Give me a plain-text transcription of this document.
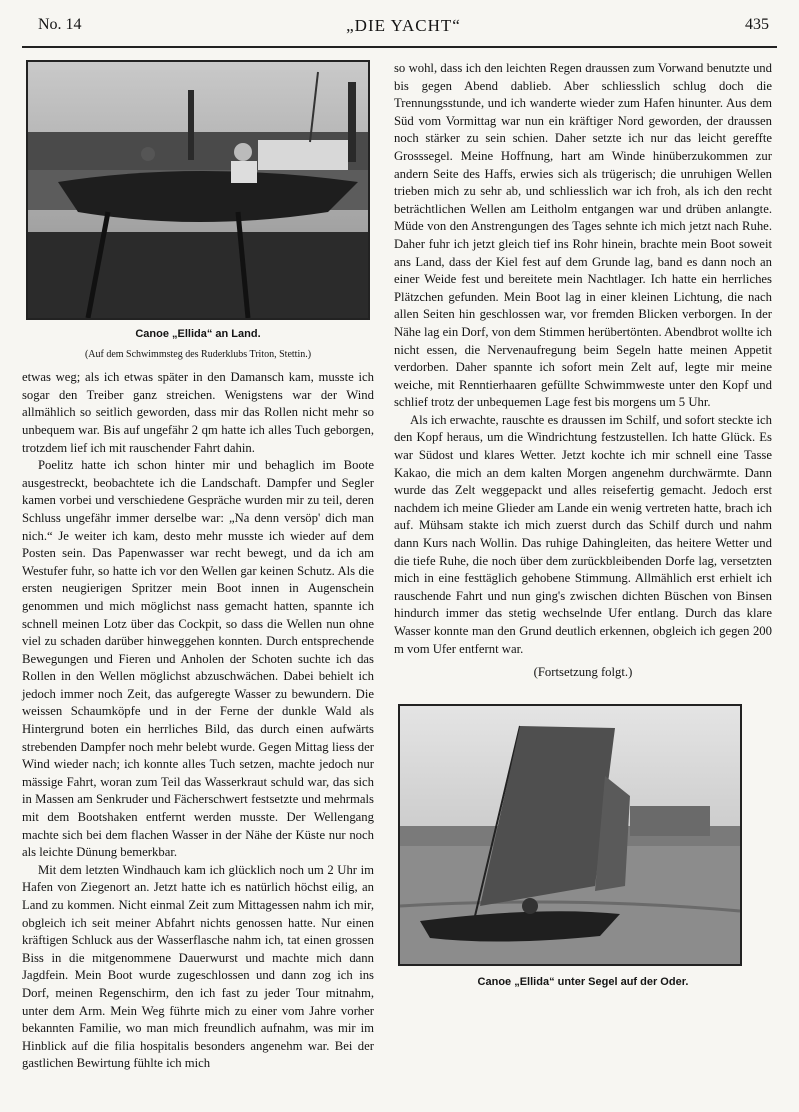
No. 14	„DIE YACHT“	435
Canoe „Ellida“ an Land.
(Auf dem Schwimmsteg des Ruderklubs Triton, Stettin.)

etwas weg; als ich etwas später in den Damansch kam, musste ich sogar den Treiber ganz streichen. Wenigstens war der Wind allmählich so seitlich geworden, dass mir das Rollen nicht mehr so unbequem war. Bis auf ungefähr 2 qm hatte ich alles Tuch geborgen, trotzdem lief ich mit rauschender Fahrt dahin.

Poelitz hatte ich schon hinter mir und behaglich im Boote ausgestreckt, beobachtete ich die Landschaft. Dampfer und Segler kamen vorbei und verschiedene Gespräche wurden mir zu teil, deren Schluss ungefähr immer derselbe war: „Na denn versöp' dich man nich.“ Je weiter ich kam, desto mehr musste ich wieder auf dem Posten sein. Das Papenwasser war recht bewegt, und da ich am Westufer fuhr, so hatte ich vor den Wellen gar keinen Schutz. Als die ersten neugierigen Spritzer mein Boot innen in Augenschein genommen und mich möglichst nass gemacht hatten, spannte ich schnell meinen Lotz über das Cockpit, so dass die Wellen nun ohne viel zu schaden darüber hinweggehen konnten. Durch entsprechende Bewegungen und Fieren und Anholen der Schoten suchte ich das Rollen in den Wellen möglichst abzuschwächen. Dabei behielt ich jedoch immer noch Zeit, das aufgeregte Wasser zu bewundern. Die weissen Schaumköpfe und in der Ferne der dunkle Wald als Hintergrund boten ein herrliches Bild, das durch einen aufwärts strebenden Dampfer noch mehr belebt wurde. Gegen Mittag liess der Wind wieder nach; ich konnte alles Tuch setzen, machte jedoch nur mässige Fahrt, woran zum Teil das Wasserkraut schuld war, das sich in Massen am Senkruder und Fächerschwert festsetzte und mehrmals mit dem Bootshaken entfernt werden musste. Der Wellengang machte sich bei dem flachen Wasser in der Nähe der Küste nur noch als leichte Dünung bemerkbar.

Mit dem letzten Windhauch kam ich glücklich noch um 2 Uhr im Hafen von Ziegenort an. Jetzt hatte ich es natürlich höchst eilig, an Land zu kommen. Nicht einmal Zeit zum Mittagessen nahm ich mir, obgleich ich seit meiner Abfahrt nichts genossen hatte. Nur einen kräftigen Schluck aus der Wasserflasche nahm ich, tat einen grossen Biss in die mitgenommene Dauerwurst und machte mich dann Jagdfein. Mein Boot wurde zugeschlossen und dann zog ich ins Dorf, meinen Regenschirm, den ich fast zu jeder Tour mitnahm, unter dem Arm. Mein Weg führte mich zu einer vom Jahre vorher bekannten Familie, wo man mich freundlich aufnahm, was mir im Hinblick auf die filia hospitalis besonders angenehm war. Bei der gastlichen Bewirtung fühlte ich mich

so wohl, dass ich den leichten Regen draussen zum Vorwand benutzte und bis gegen Abend dablieb. Aber schliesslich schlug doch die Trennungsstunde, und ich wanderte wieder zum Hafen hinunter. Aus dem Süd vom Vormittag war nun ein kräftiger Nord geworden, der draussen noch stärker zu sein schien. Daher setzte ich nur das leicht gereffte Grosssegel. Meine Hoffnung, hart am Winde hinüberzukommen zur andern Seite des Haffs, erwies sich als trügerisch; die unruhigen Wellen trieben mich zu sehr ab, und schliesslich war ich froh, als ich den recht beträchtlichen Wellen am Leitholm entgangen war und drüben anlangte. Müde von den Anstrengungen des Tages sehnte ich mich jetzt nach Ruhe. Daher fuhr ich jetzt gleich tief ins Rohr hinein, brachte mein Boot soweit ans Land, dass der Kiel fest auf dem Grunde lag, band es dann noch an einer Weide fest und bereitete mein Nachtlager. Ich hatte ein herrliches Plätzchen gefunden. Mein Boot lag in einer kleinen Lichtung, die nach allen Seiten hin geschlossen war, vor fremden Blicken verborgen. In der Nähe lag ein Dorf, von dem Stimmen herübertönten. Abendbrot wollte ich nicht essen, die Nervenaufregung beim Segeln hatte meinen Appetit verdorben. Daher spannte ich sofort mein Zelt auf, legte mir meine weiche, mit Renntierhaaren gefüllte Schwimmweste unter den Kopf und schlief trotz der unbequemen Lage fest bis morgens um 5 Uhr.

Als ich erwachte, rauschte es draussen im Schilf, und sofort steckte ich den Kopf heraus, um die Windrichtung festzustellen. Ich hatte Glück. Es war Südost und klares Wetter. Jetzt kochte ich mir schnell eine Tasse Kakao, die mich an dem kalten Morgen angenehm durchwärmte. Dann wurde das Zelt weggepackt und alles reisefertig gemacht. Jedoch erst nachdem ich meine Glieder am Lande ein wenig vertreten hatte, brach ich auf. Mühsam stakte ich mich zuerst durch das Schilf durch und nahm dann Kurs nach Wollin. Das ruhige Dahingleiten, das heitere Wetter und die tiefe Ruhe, die noch über dem zurückbleibenden Dorfe lag, versetzten mich in eine festtäglich gehobene Stimmung. Allmählich erst erhielt ich rauschende Fahrt und nun ging's zwischen dichten Büschen von Binsen hindurch immer das stetig wechselnde Ufer entlang. Durch das klare Wasser konnte man den Grund deutlich erkennen, obgleich ich gegen 200 m vom Ufer entfernt war.

(Fortsetzung folgt.)
Canoe „Ellida“ unter Segel auf der Oder.
